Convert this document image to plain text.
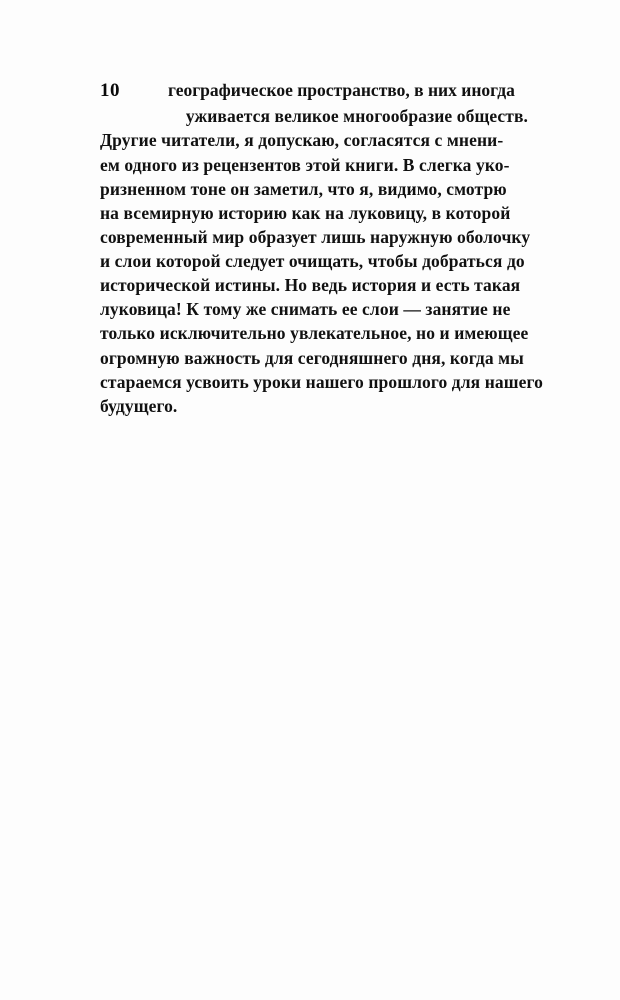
10	географическое пространство, в них иногда
уживается великое многообразие обществ.
Другие читатели, я допускаю, согласятся с мнени-
ем одного из рецензентов этой книги. В слегка уко-
ризненном тоне он заметил, что я, видимо, смотрю
на всемирную историю как на луковицу, в которой
современный мир образует лишь наружную оболочку
и слои которой следует очищать, чтобы добраться до
исторической истины. Но ведь история и есть такая
луковица! К тому же снимать ее слои — занятие не
только исключительно увлекательное, но и имеющее
огромную важность для сегодняшнего дня, когда мы
стараемся усвоить уроки нашего прошлого для нашего
будущего.
